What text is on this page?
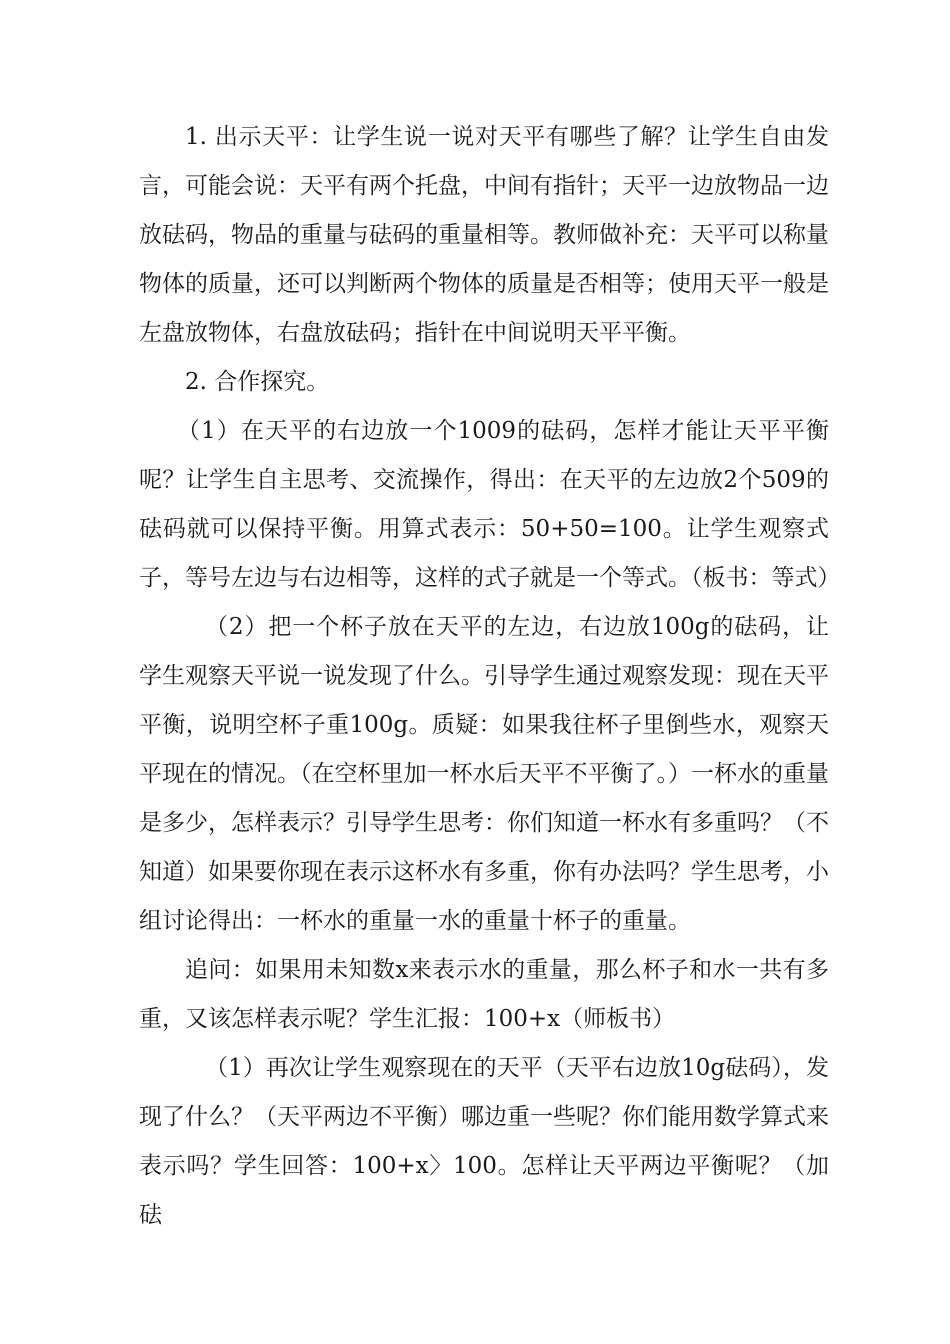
1. 出示天平：让学生说一说对天平有哪些了解？让学生自由发言，可能会说：天平有两个托盘，中间有指针；天平一边放物品一边放砝码，物品的重量与砝码的重量相等。教师做补充：天平可以称量物体的质量，还可以判断两个物体的质量是否相等；使用天平一般是左盘放物体，右盘放砝码；指针在中间说明天平平衡。

2. 合作探究。

（1）在天平的右边放一个1009的砝码，怎样才能让天平平衡呢？让学生自主思考、交流操作，得出：在天平的左边放2个509的砝码就可以保持平衡。用算式表示：50+50=100。让学生观察式子，等号左边与右边相等，这样的式子就是一个等式。（板书：等式）

（2）把一个杯子放在天平的左边，右边放100g的砝码，让学生观察天平说一说发现了什么。引导学生通过观察发现：现在天平平衡，说明空杯子重100g。质疑：如果我往杯子里倒些水，观察天平现在的情况。（在空杯里加一杯水后天平不平衡了。）一杯水的重量是多少，怎样表示？引导学生思考：你们知道一杯水有多重吗？（不知道）如果要你现在表示这杯水有多重，你有办法吗？学生思考，小组讨论得出：一杯水的重量一水的重量十杯子的重量。

追问：如果用未知数x来表示水的重量，那么杯子和水一共有多重，又该怎样表示呢？学生汇报：100+x（师板书）

（1）再次让学生观察现在的天平（天平右边放10g砝码），发现了什么？（天平两边不平衡）哪边重一些呢？你们能用数学算式来表示吗？学生回答：100+x〉100。怎样让天平两边平衡呢？（加砝
